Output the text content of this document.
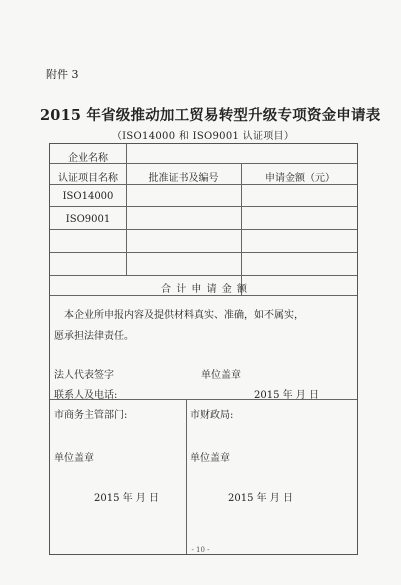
附件 3
2015 年省级推动加工贸易转型升级专项资金申请表
（ISO14000 和 ISO9001 认证项目）
企业名称
认证项目名称	批准证书及编号	申请金额（元）
ISO14000
ISO9001
合 计 申 请 金 额
本企业所申报内容及提供材料真实、准确，如不属实，
愿承担法律责任。
法人代表签字	单位盖章
联系人及电话:	2015 年 月 日
市商务主管部门:	市财政局:
单位盖章	单位盖章
2015 年 月 日	2015 年 月 日
- 10 -
